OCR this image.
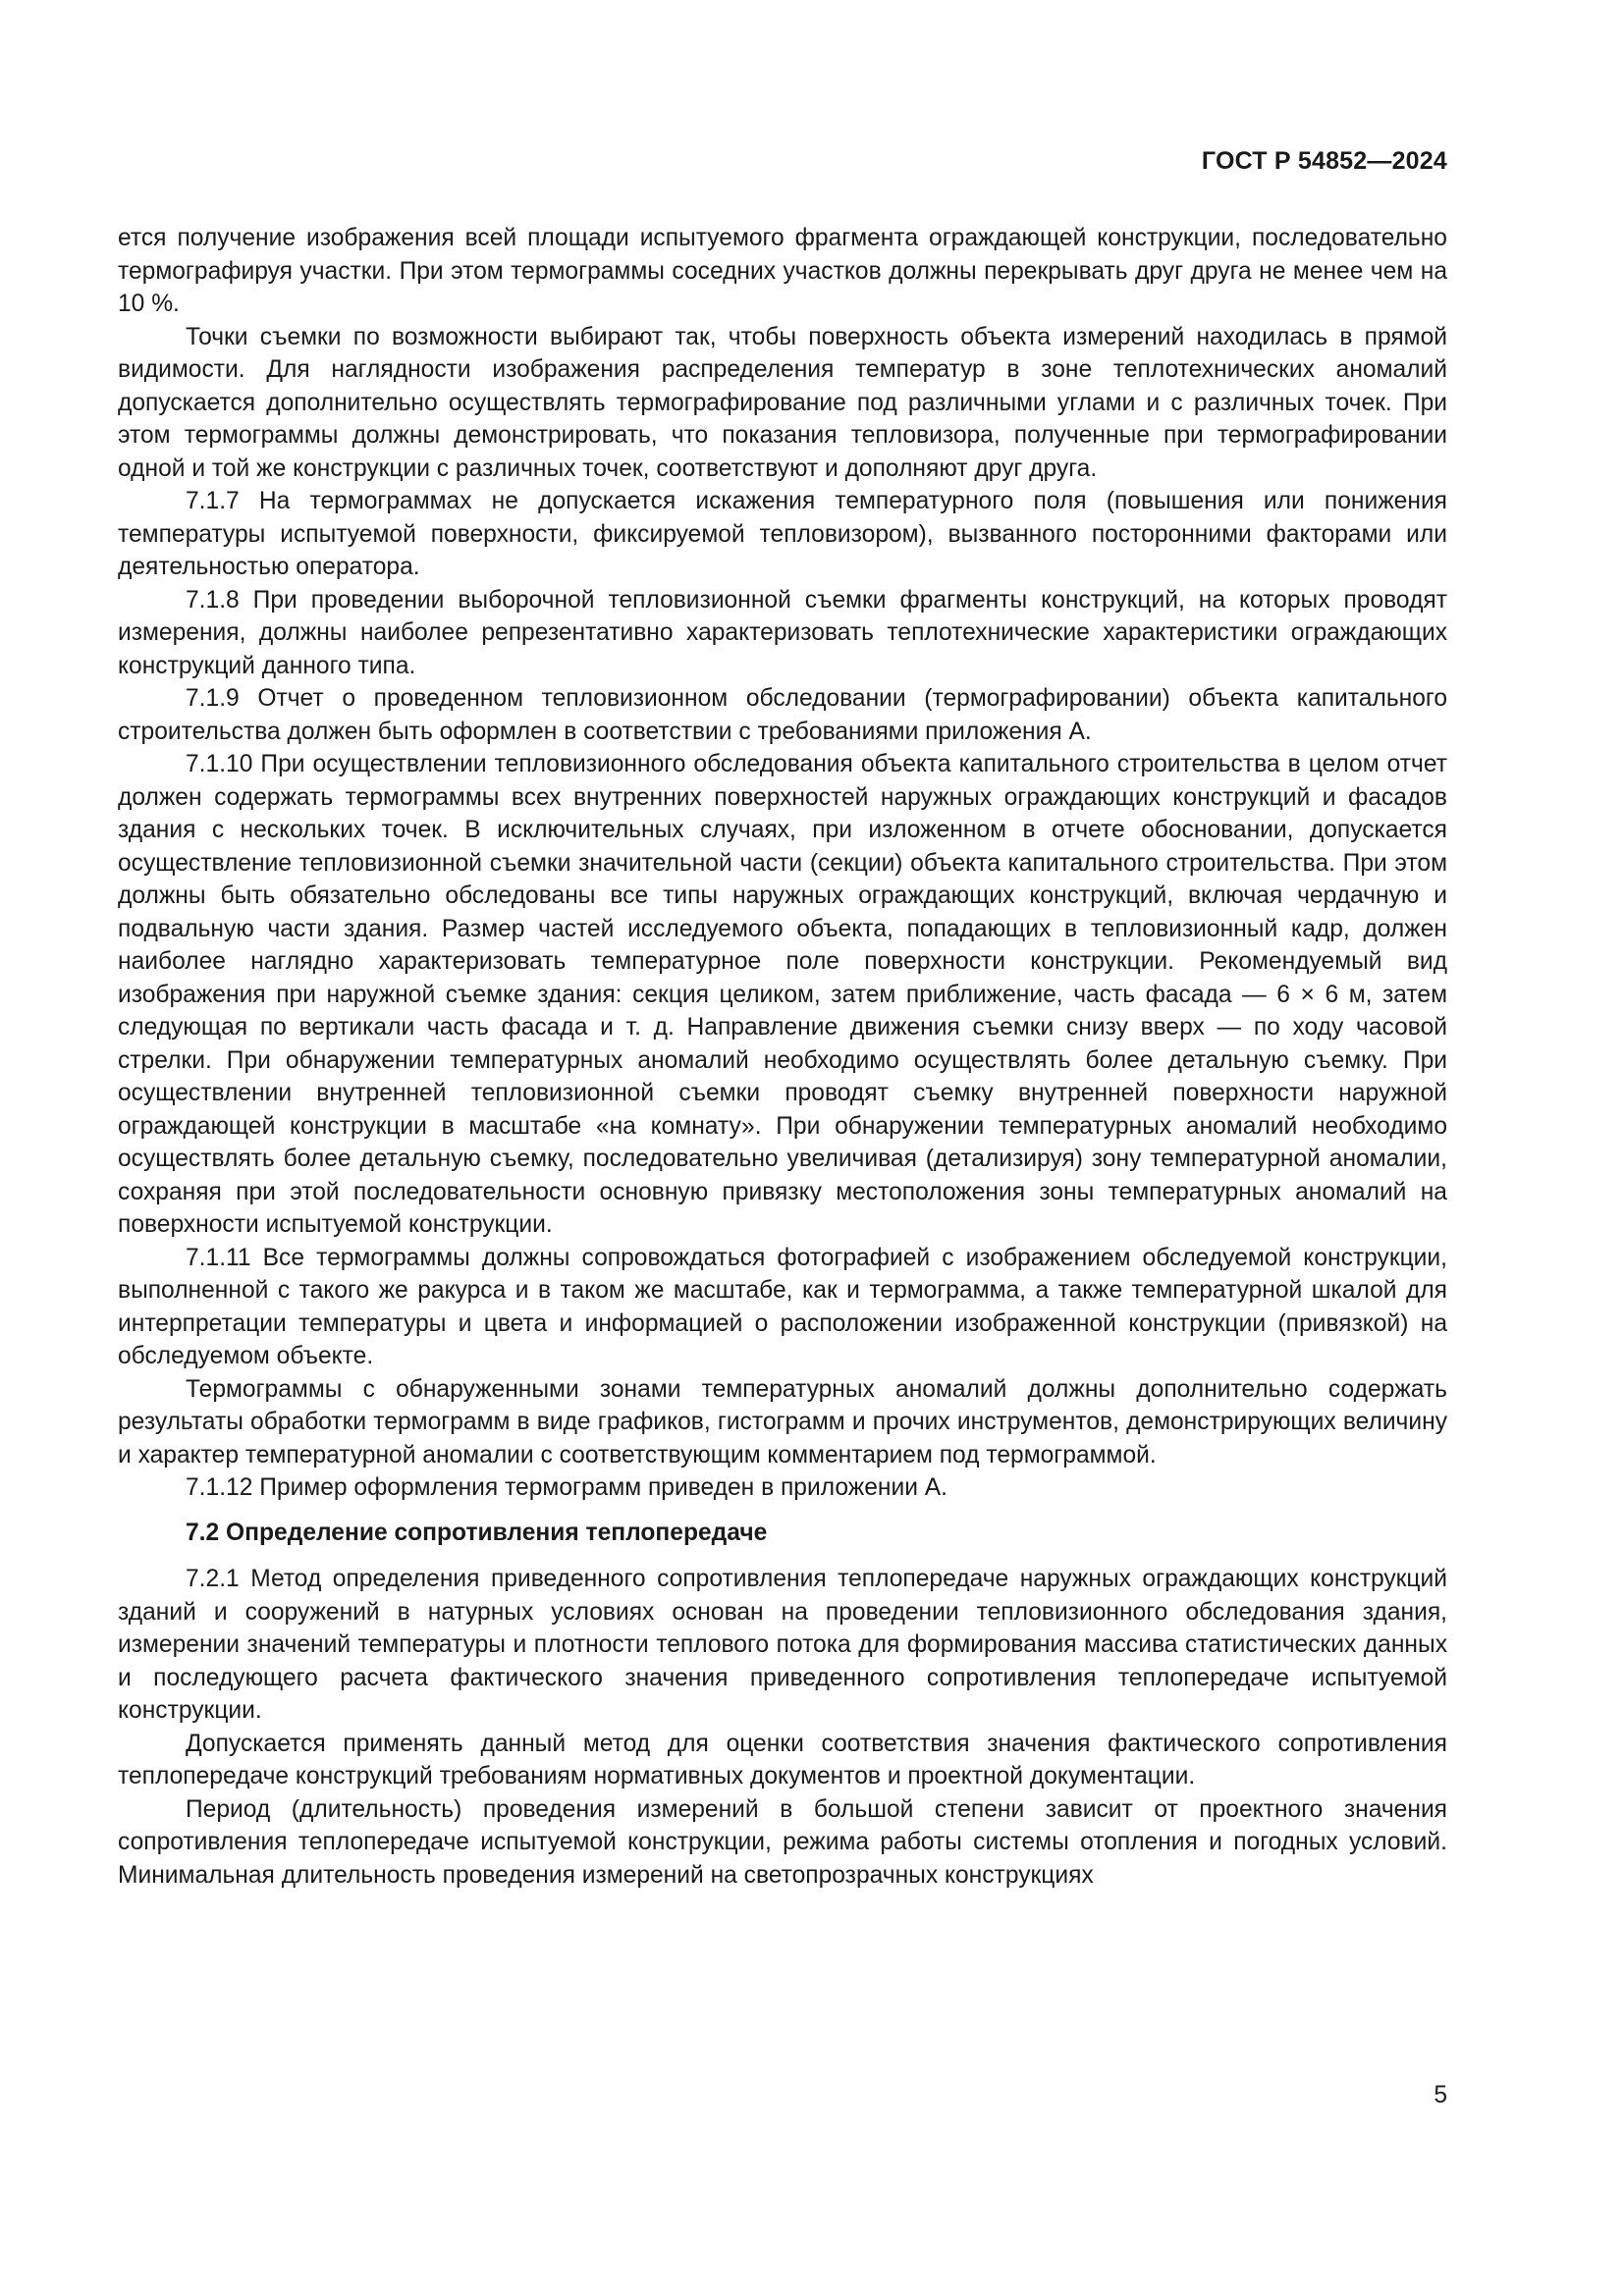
ГОСТ Р 54852—2024

ется получение изображения всей площади испытуемого фрагмента ограждающей конструкции, последовательно термографируя участки. При этом термограммы соседних участков должны перекрывать друг друга не менее чем на 10 %.

Точки съемки по возможности выбирают так, чтобы поверхность объекта измерений находилась в прямой видимости. Для наглядности изображения распределения температур в зоне теплотехнических аномалий допускается дополнительно осуществлять термографирование под различными углами и с различных точек. При этом термограммы должны демонстрировать, что показания тепловизора, полученные при термографировании одной и той же конструкции с различных точек, соответствуют и дополняют друг друга.

7.1.7 На термограммах не допускается искажения температурного поля (повышения или понижения температуры испытуемой поверхности, фиксируемой тепловизором), вызванного посторонними факторами или деятельностью оператора.

7.1.8 При проведении выборочной тепловизионной съемки фрагменты конструкций, на которых проводят измерения, должны наиболее репрезентативно характеризовать теплотехнические характеристики ограждающих конструкций данного типа.

7.1.9 Отчет о проведенном тепловизионном обследовании (термографировании) объекта капитального строительства должен быть оформлен в соответствии с требованиями приложения А.

7.1.10 При осуществлении тепловизионного обследования объекта капитального строительства в целом отчет должен содержать термограммы всех внутренних поверхностей наружных ограждающих конструкций и фасадов здания с нескольких точек. В исключительных случаях, при изложенном в отчете обосновании, допускается осуществление тепловизионной съемки значительной части (секции) объекта капитального строительства. При этом должны быть обязательно обследованы все типы наружных ограждающих конструкций, включая чердачную и подвальную части здания. Размер частей исследуемого объекта, попадающих в тепловизионный кадр, должен наиболее наглядно характеризовать температурное поле поверхности конструкции. Рекомендуемый вид изображения при наружной съемке здания: секция целиком, затем приближение, часть фасада — 6 × 6 м, затем следующая по вертикали часть фасада и т. д. Направление движения съемки снизу вверх — по ходу часовой стрелки. При обнаружении температурных аномалий необходимо осуществлять более детальную съемку. При осуществлении внутренней тепловизионной съемки проводят съемку внутренней поверхности наружной ограждающей конструкции в масштабе «на комнату». При обнаружении температурных аномалий необходимо осуществлять более детальную съемку, последовательно увеличивая (детализируя) зону температурной аномалии, сохраняя при этой последовательности основную привязку местоположения зоны температурных аномалий на поверхности испытуемой конструкции.

7.1.11 Все термограммы должны сопровождаться фотографией с изображением обследуемой конструкции, выполненной с такого же ракурса и в таком же масштабе, как и термограмма, а также температурной шкалой для интерпретации температуры и цвета и информацией о расположении изображенной конструкции (привязкой) на обследуемом объекте.

Термограммы с обнаруженными зонами температурных аномалий должны дополнительно содержать результаты обработки термограмм в виде графиков, гистограмм и прочих инструментов, демонстрирующих величину и характер температурной аномалии с соответствующим комментарием под термограммой.

7.1.12 Пример оформления термограмм приведен в приложении А.

7.2 Определение сопротивления теплопередаче

7.2.1 Метод определения приведенного сопротивления теплопередаче наружных ограждающих конструкций зданий и сооружений в натурных условиях основан на проведении тепловизионного обследования здания, измерении значений температуры и плотности теплового потока для формирования массива статистических данных и последующего расчета фактического значения приведенного сопротивления теплопередаче испытуемой конструкции.

Допускается применять данный метод для оценки соответствия значения фактического сопротивления теплопередаче конструкций требованиям нормативных документов и проектной документации.

Период (длительность) проведения измерений в большой степени зависит от проектного значения сопротивления теплопередаче испытуемой конструкции, режима работы системы отопления и погодных условий. Минимальная длительность проведения измерений на светопрозрачных конструкциях

5
